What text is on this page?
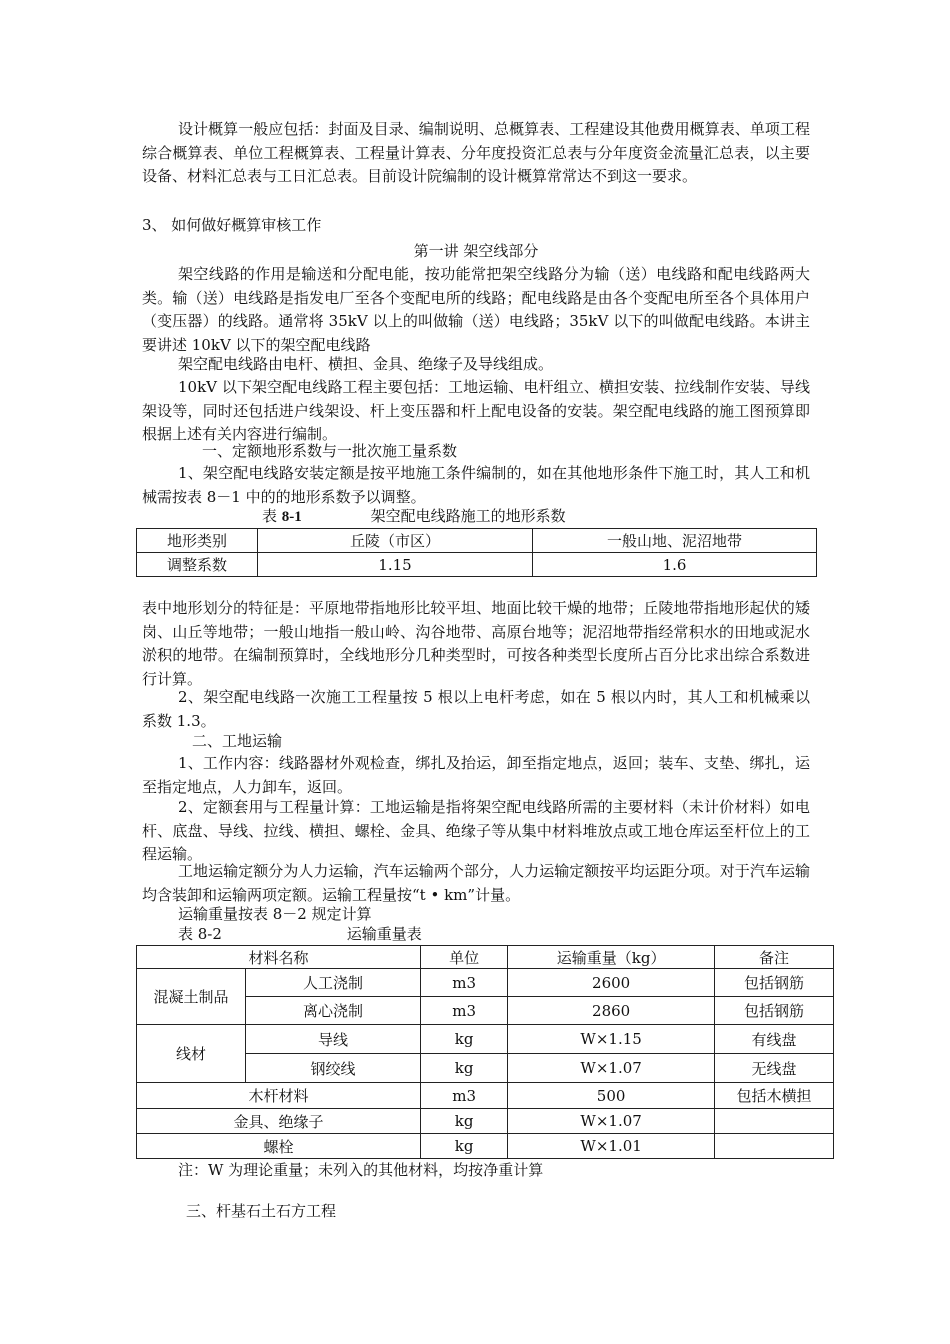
设计概算一般应包括：封面及目录、编制说明、总概算表、工程建设其他费用概算表、单项工程综合概算表、单位工程概算表、工程量计算表、分年度投资汇总表与分年度资金流量汇总表，以主要设备、材料汇总表与工日汇总表。目前设计院编制的设计概算常常达不到这一要求。

3、 如何做好概算审核工作

第一讲 架空线部分

架空线路的作用是输送和分配电能，按功能常把架空线路分为输（送）电线路和配电线路两大类。输（送）电线路是指发电厂至各个变配电所的线路；配电线路是由各个变配电所至各个具体用户（变压器）的线路。通常将 35kV 以上的叫做输（送）电线路；35kV 以下的叫做配电线路。本讲主要讲述 10kV 以下的架空配电线路

架空配电线路由电杆、横担、金具、绝缘子及导线组成。

10kV 以下架空配电线路工程主要包括：工地运输、电杆组立、横担安装、拉线制作安装、导线架设等，同时还包括进户线架设、杆上变压器和杆上配电设备的安装。架空配电线路的施工图预算即根据上述有关内容进行编制。

一、定额地形系数与一批次施工量系数

1、架空配电线路安装定额是按平地施工条件编制的，如在其他地形条件下施工时，其人工和机械需按表 8－1 中的的地形系数予以调整。

表 8-1	架空配电线路施工的地形系数
地形类别	丘陵（市区）	一般山地、泥沼地带
调整系数	1.15	1.6

表中地形划分的特征是：平原地带指地形比较平坦、地面比较干燥的地带；丘陵地带指地形起伏的矮岗、山丘等地带；一般山地指一般山岭、沟谷地带、高原台地等；泥沼地带指经常积水的田地或泥水淤积的地带。在编制预算时，全线地形分几种类型时，可按各种类型长度所占百分比求出综合系数进行计算。

2、架空配电线路一次施工工程量按 5 根以上电杆考虑，如在 5 根以内时，其人工和机械乘以系数 1.3。

二、工地运输

1、工作内容：线路器材外观检查，绑扎及抬运，卸至指定地点，返回；装车、支垫、绑扎，运至指定地点，人力卸车，返回。

2、定额套用与工程量计算：工地运输是指将架空配电线路所需的主要材料（未计价材料）如电杆、底盘、导线、拉线、横担、螺栓、金具、绝缘子等从集中材料堆放点或工地仓库运至杆位上的工程运输。

工地运输定额分为人力运输，汽车运输两个部分，人力运输定额按平均运距分项。对于汽车运输均含装卸和运输两项定额。运输工程量按“t • km”计量。

运输重量按表 8－2 规定计算

表 8-2	运输重量表
材料名称		单位	运输重量（kg）	备注
混凝土制品	人工浇制	m3	2600	包括钢筋
	离心浇制	m3	2860	包括钢筋
线材	导线	kg	W×1.15	有线盘
	钢绞线	kg	W×1.07	无线盘
木杆材料		m3	500	包括木横担
金具、绝缘子		kg	W×1.07	
螺栓		kg	W×1.01	

注：W 为理论重量；未列入的其他材料，均按净重计算

三、杆基石土石方工程
